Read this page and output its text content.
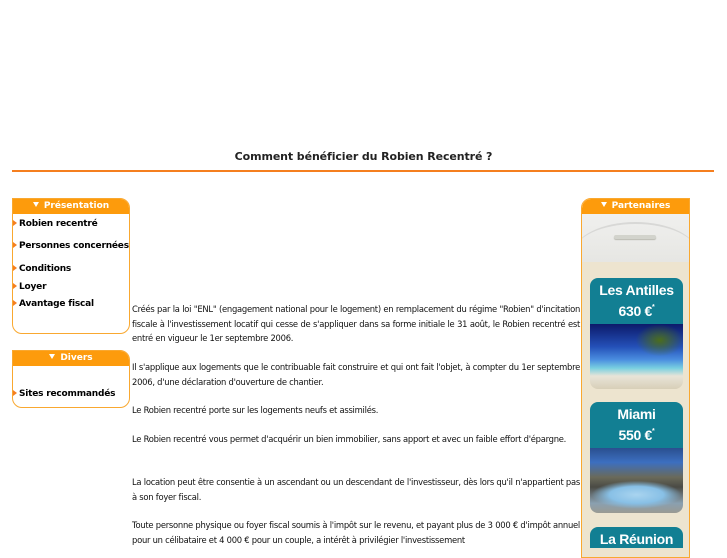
Comment bénéficier du Robien Recentré ?
Présentation
Robien recentré
Personnes concernées
Conditions
Loyer
Avantage fiscal
Divers
Sites recommandés
Créés par la loi "ENL" (engagement national pour le logement) en remplacement du régime "Robien" d'incitation fiscale à l'investissement locatif qui cesse de s'appliquer dans sa forme initiale le 31 août, le Robien recentré est entré en vigueur le 1er septembre 2006.
Il s'applique aux logements que le contribuable fait construire et qui ont fait l'objet, à compter du 1er septembre 2006, d'une déclaration d'ouverture de chantier.
Le Robien recentré porte sur les logements neufs et assimilés.
Le Robien recentré vous permet d'acquérir un bien immobilier, sans apport et avec un faible effort d'épargne.
La location peut être consentie à un ascendant ou un descendant de l'investisseur, dès lors qu'il n'appartient pas à son foyer fiscal.
Toute personne physique ou foyer fiscal soumis à l'impôt sur le revenu, et payant plus de 3 000 € d'impôt annuel pour un célibataire et 4 000 € pour un couple, a intérêt à privilégier l'investissement
Partenaires
Les Antilles
630 €*
Miami
550 €*
La Réunion
